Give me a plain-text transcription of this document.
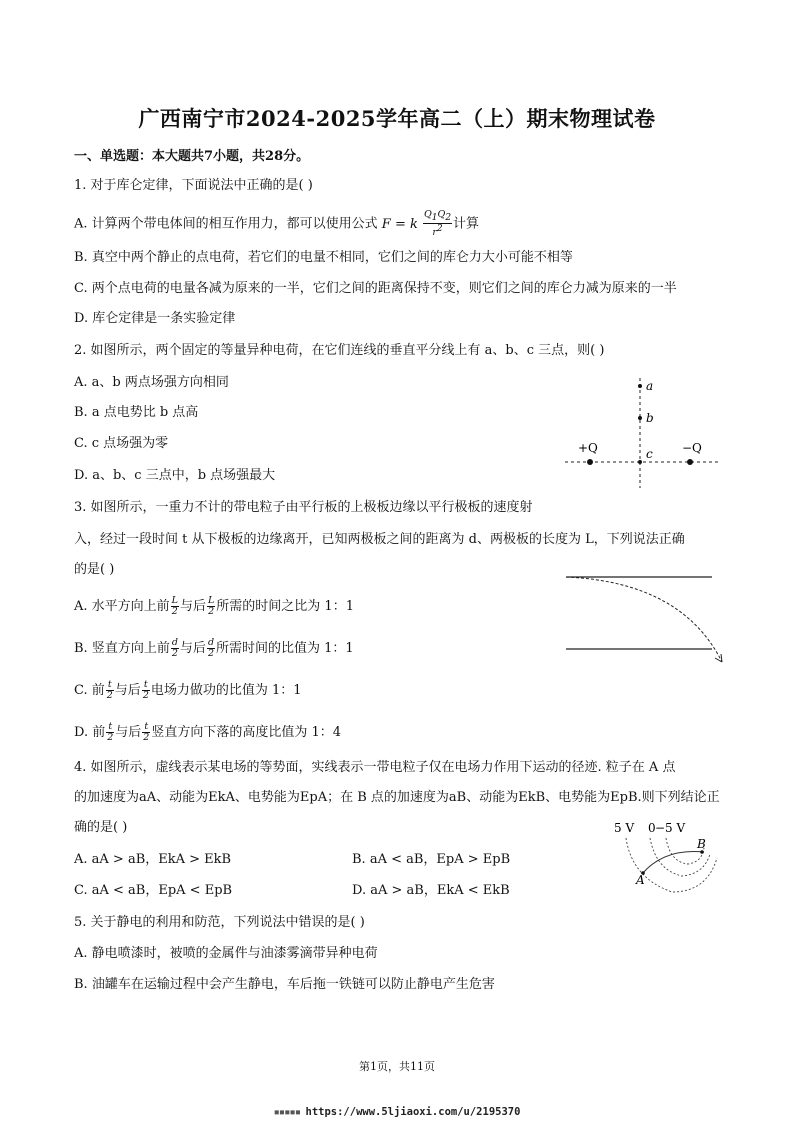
广西南宁市2024-2025学年高二（上）期末物理试卷
一、单选题：本大题共7小题，共28分。
1. 对于库仑定律，下面说法中正确的是( )
A. 计算两个带电体间的相互作用力，都可以使用公式 F = k $\frac{Q_1Q_2}{r^2}$ 计算
B. 真空中两个静止的点电荷，若它们的电量不相同，它们之间的库仑力大小可能不相等
C. 两个点电荷的电量各减为原来的一半，它们之间的距离保持不变，则它们之间的库仑力减为原来的一半
D. 库仑定律是一条实验定律
2. 如图所示，两个固定的等量异种电荷，在它们连线的垂直平分线上有 a、b、c 三点，则( )
A. a、b 两点场强方向相同
B. a 点电势比 b 点高
C. c 点场强为零
D. a、b、c 三点中，b 点场强最大
a
b
c
+Q	−Q
3. 如图所示，一重力不计的带电粒子由平行板的上极板边缘以平行极板的速度射
入，经过一段时间 t 从下极板的边缘离开，已知两极板之间的距离为 d、两极板的长度为 L，下列说法正确
的是( )
A. 水平方向上前 $\frac{L}{2}$ 与后 $\frac{L}{2}$ 所需的时间之比为 1：1
B. 竖直方向上前 $\frac{d}{2}$ 与后 $\frac{d}{2}$ 所需时间的比值为 1：1
C. 前 $\frac{t}{2}$ 与后 $\frac{t}{2}$ 电场力做功的比值为 1：1
D. 前 $\frac{t}{2}$ 与后 $\frac{t}{2}$ 竖直方向下落的高度比值为 1：4
4. 如图所示，虚线表示某电场的等势面，实线表示一带电粒子仅在电场力作用下运动的径迹. 粒子在 A 点
的加速度为aA、动能为EkA、电势能为EpA；在 B 点的加速度为aB、动能为EkB、电势能为EpB.则下列结论正
确的是( )
A. aA > aB，EkA > EkB	B. aA < aB，EpA > EpB
C. aA < aB，EpA < EpB	D. aA > aB，EkA < EkB
5 V 0 −5 V
A
B
5. 关于静电的利用和防范，下列说法中错误的是( )
A. 静电喷漆时，被喷的金属件与油漆雾滴带异种电荷
B. 油罐车在运输过程中会产生静电，车后拖一铁链可以防止静电产生危害
第1页，共11页
▪▪▪▪▪ https://www.5ljiaoxi.com/u/2195370
